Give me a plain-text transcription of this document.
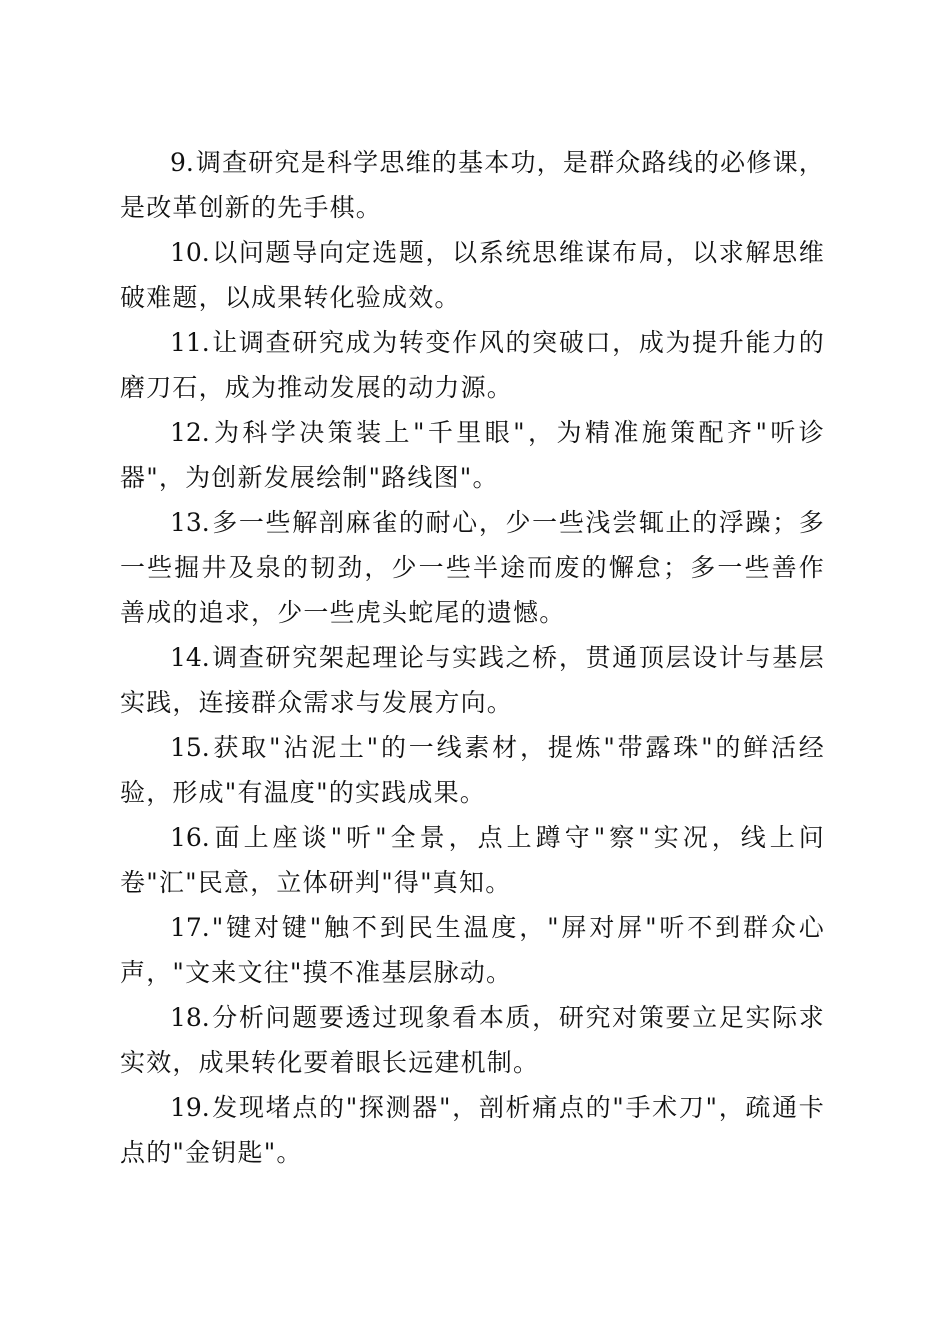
9.调查研究是科学思维的基本功，是群众路线的必修课，是改革创新的先手棋。

10.以问题导向定选题，以系统思维谋布局，以求解思维破难题，以成果转化验成效。

11.让调查研究成为转变作风的突破口，成为提升能力的磨刀石，成为推动发展的动力源。

12.为科学决策装上"千里眼"，为精准施策配齐"听诊器"，为创新发展绘制"路线图"。

13.多一些解剖麻雀的耐心，少一些浅尝辄止的浮躁；多一些掘井及泉的韧劲，少一些半途而废的懈怠；多一些善作善成的追求，少一些虎头蛇尾的遗憾。

14.调查研究架起理论与实践之桥，贯通顶层设计与基层实践，连接群众需求与发展方向。

15.获取"沾泥土"的一线素材，提炼"带露珠"的鲜活经验，形成"有温度"的实践成果。

16.面上座谈"听"全景，点上蹲守"察"实况，线上问卷"汇"民意，立体研判"得"真知。

17."键对键"触不到民生温度，"屏对屏"听不到群众心声，"文来文往"摸不准基层脉动。

18.分析问题要透过现象看本质，研究对策要立足实际求实效，成果转化要着眼长远建机制。

19.发现堵点的"探测器"，剖析痛点的"手术刀"，疏通卡点的"金钥匙"。
